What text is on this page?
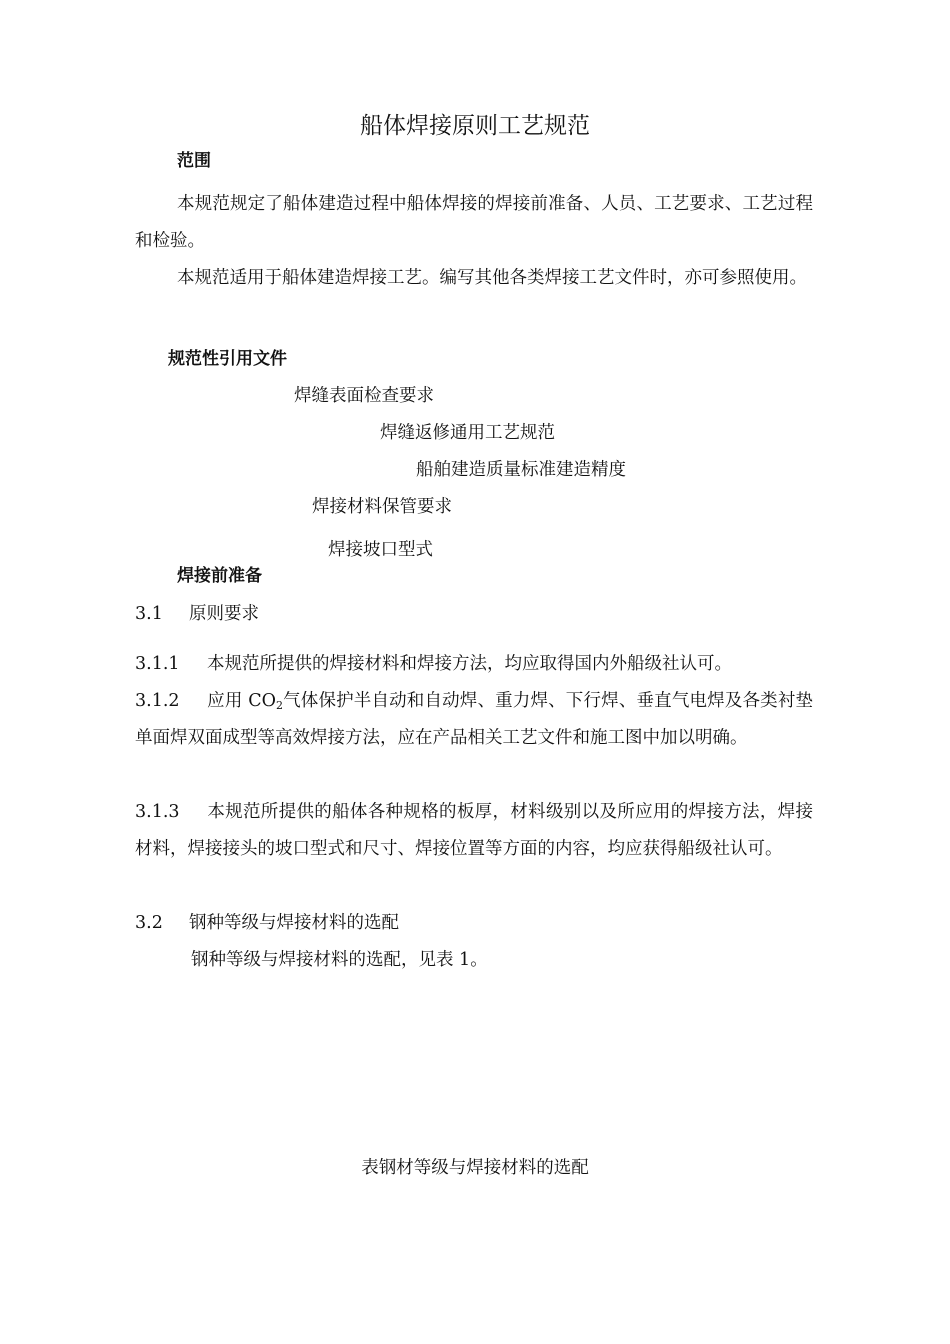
船体焊接原则工艺规范
范围
本规范规定了船体建造过程中船体焊接的焊接前准备、人员、工艺要求、工艺过程和检验。
本规范适用于船体建造焊接工艺。编写其他各类焊接工艺文件时，亦可参照使用。
规范性引用文件
焊缝表面检查要求
焊缝返修通用工艺规范
船舶建造质量标准建造精度
焊接材料保管要求
焊接坡口型式
焊接前准备
3.1 原则要求
3.1.1 本规范所提供的焊接材料和焊接方法，均应取得国内外船级社认可。
3.1.2 应用 $CO_2$气体保护半自动和自动焊、重力焊、下行焊、垂直气电焊及各类衬垫单面焊双面成型等高效焊接方法，应在产品相关工艺文件和施工图中加以明确。
3.1.3 本规范所提供的船体各种规格的板厚，材料级别以及所应用的焊接方法，焊接材料，焊接接头的坡口型式和尺寸、焊接位置等方面的内容，均应获得船级社认可。
3.2 钢种等级与焊接材料的选配
钢种等级与焊接材料的选配，见表 1。
表钢材等级与焊接材料的选配
